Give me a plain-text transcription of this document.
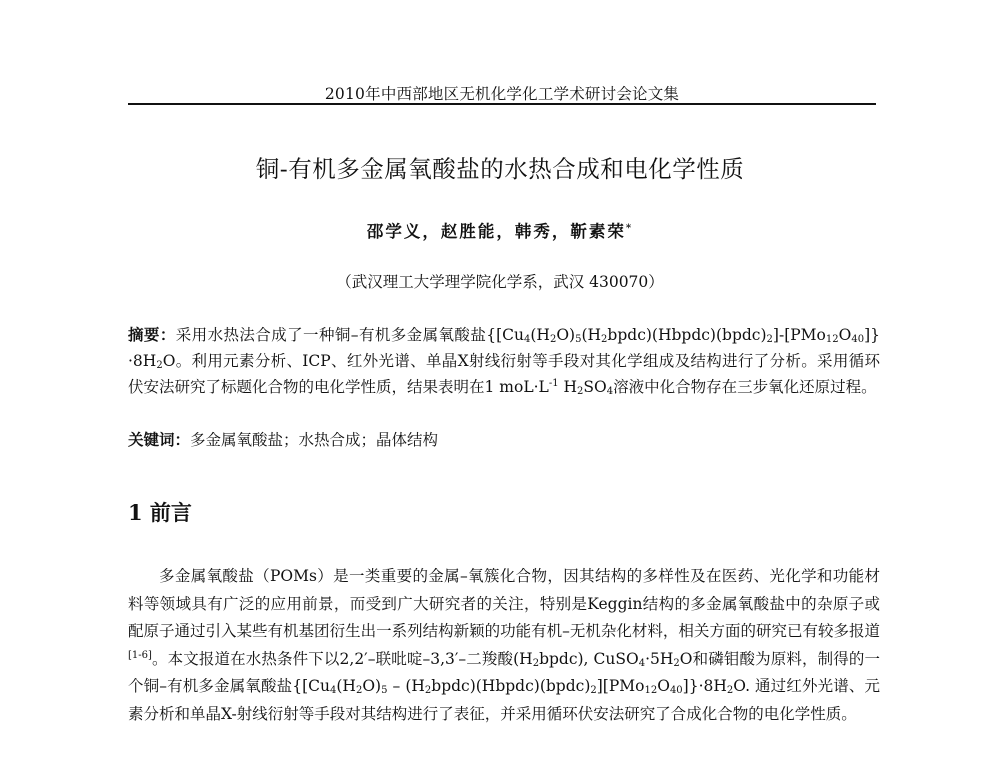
2010年中西部地区无机化学化工学术研讨会论文集
铜-有机多金属氧酸盐的水热合成和电化学性质
邵学义，赵胜能，韩秀，靳素荣*
（武汉理工大学理学院化学系，武汉 430070）

摘要：采用水热法合成了一种铜–有机多金属氧酸盐$\{[Cu_4(H_2O)_5(H_2bpdc)(Hbpdc)(bpdc)_2]-[PMo_{12}O_{40}]\}\cdot 8H_2O$。利用元素分析、ICP、红外光谱、单晶X射线衍射等手段对其化学组成及结构进行了分析。采用循环伏安法研究了标题化合物的电化学性质，结果表明在1 $moL\cdot L^{-1}$ $H_2SO_4$溶液中化合物存在三步氧化还原过程。

关键词：多金属氧酸盐；水热合成；晶体结构

1 前言

多金属氧酸盐（POMs）是一类重要的金属–氧簇化合物，因其结构的多样性及在医药、光化学和功能材料等领域具有广泛的应用前景，而受到广大研究者的关注，特别是Keggin结构的多金属氧酸盐中的杂原子或配原子通过引入某些有机基团衍生出一系列结构新颖的功能有机–无机杂化材料，相关方面的研究已有较多报道[1-6]。本文报道在水热条件下以2,2′–联吡啶–3,3′–二羧酸$(H_2bpdc)$, $CuSO_4\cdot 5H_2O$和磷钼酸为原料，制得的一个铜–有机多金属氧酸盐{[$Cu_4(H_2O)_5$ – $(H_2bpdc)(Hbpdc)(bpdc)_2][PMo_{12}O_{40}]\}\cdot 8H_2O$. 通过红外光谱、元素分析和单晶X-射线衍射等手段对其结构进行了表征，并采用循环伏安法研究了合成化合物的电化学性质。
